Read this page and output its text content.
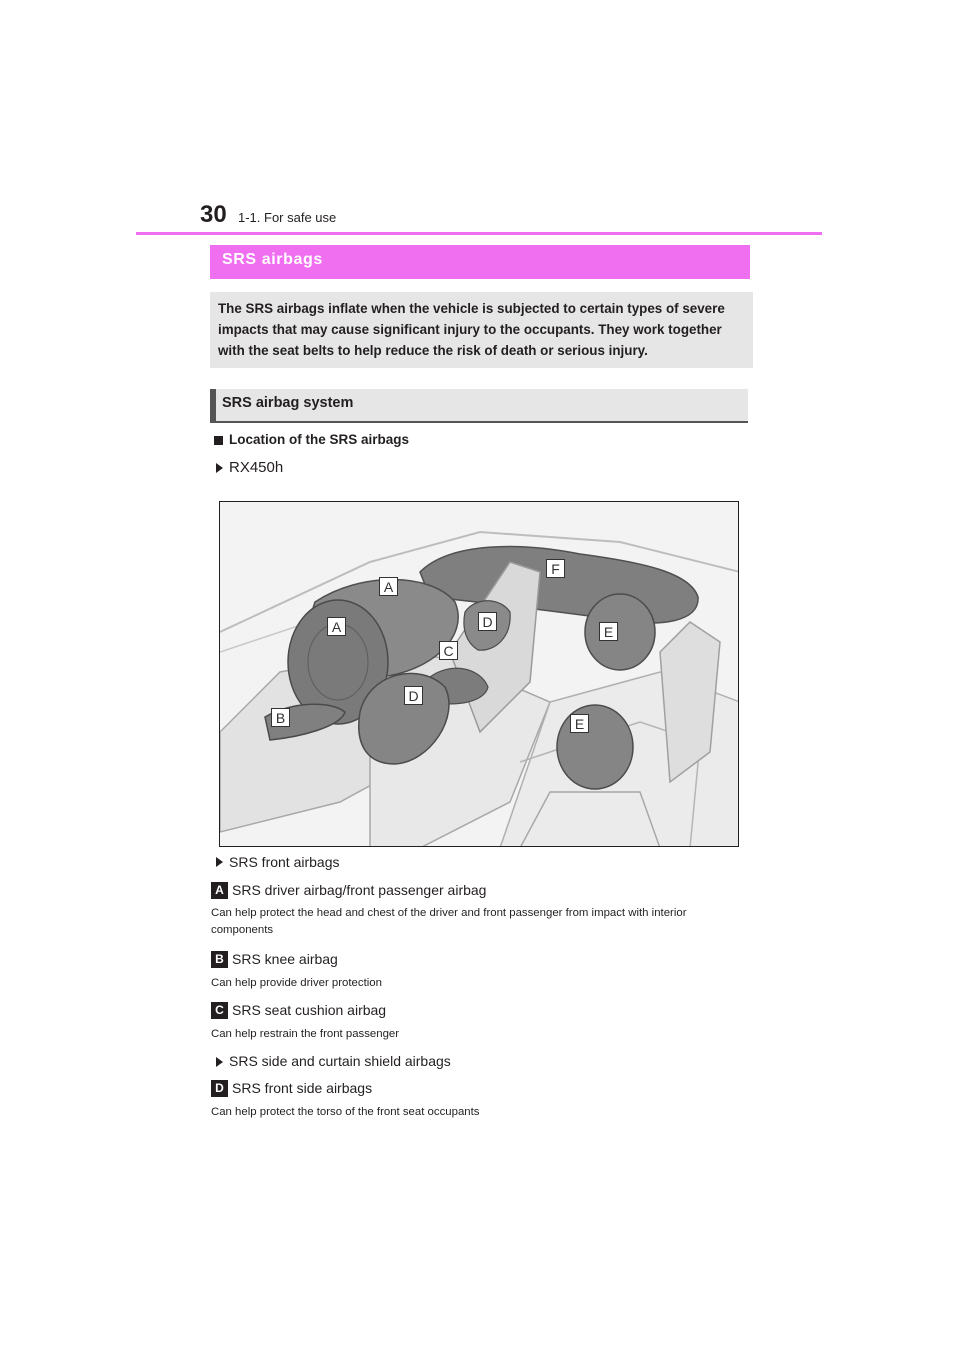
30 1-1. For safe use
SRS airbags
The SRS airbags inflate when the vehicle is subjected to certain types of severe impacts that may cause significant injury to the occupants. They work together with the seat belts to help reduce the risk of death or serious injury.
SRS airbag system
Location of the SRS airbags
RX450h
A
A
B
C
D
D
E
E
F
SRS front airbags
A SRS driver airbag/front passenger airbag
Can help protect the head and chest of the driver and front passenger from impact with interior components
B SRS knee airbag
Can help provide driver protection
C SRS seat cushion airbag
Can help restrain the front passenger
SRS side and curtain shield airbags
D SRS front side airbags
Can help protect the torso of the front seat occupants
